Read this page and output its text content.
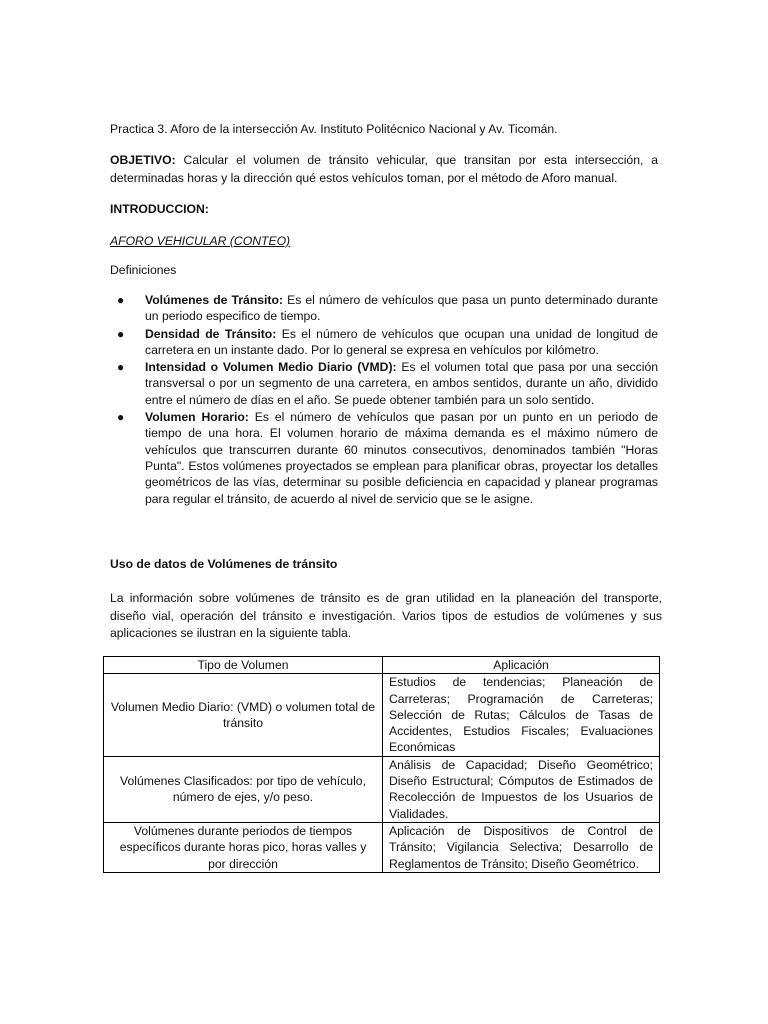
Practica 3. Aforo de la intersección Av. Instituto Politécnico Nacional y Av. Ticomán.

OBJETIVO: Calcular el volumen de tránsito vehicular, que transitan por esta intersección, a determinadas horas y la dirección qué estos vehículos toman, por el método de Aforo manual.

INTRODUCCION:

AFORO VEHICULAR (CONTEO)

Definiciones

● Volúmenes de Tránsito: Es el número de vehículos que pasa un punto determinado durante un periodo especifico de tiempo.
● Densidad de Tránsito: Es el número de vehículos que ocupan una unidad de longitud de carretera en un instante dado. Por lo general se expresa en vehículos por kilómetro.
● Intensidad o Volumen Medio Diario (VMD): Es el volumen total que pasa por una sección transversal o por un segmento de una carretera, en ambos sentidos, durante un año, dividido entre el número de días en el año. Se puede obtener también para un solo sentido.
● Volumen Horario: Es el número de vehículos que pasan por un punto en un periodo de tiempo de una hora. El volumen horario de máxima demanda es el máximo número de vehículos que transcurren durante 60 minutos consecutivos, denominados también "Horas Punta". Estos volúmenes proyectados se emplean para planificar obras, proyectar los detalles geométricos de las vías, determinar su posible deficiencia en capacidad y planear programas para regular el tránsito, de acuerdo al nivel de servicio que se le asigne.

Uso de datos de Volúmenes de tránsito

La información sobre volúmenes de tránsito es de gran utilidad en la planeación del transporte, diseño vial, operación del tránsito e investigación. Varios tipos de estudios de volúmenes y sus aplicaciones se ilustran en la siguiente tabla.

Tipo de Volumen	Aplicación
Volumen Medio Diario: (VMD) o volumen total de tránsito	Estudios de tendencias; Planeación de Carreteras; Programación de Carreteras; Selección de Rutas; Cálculos de Tasas de Accidentes, Estudios Fiscales; Evaluaciones Económicas
Volúmenes Clasificados: por tipo de vehículo, número de ejes, y/o peso.	Análisis de Capacidad; Diseño Geométrico; Diseño Estructural; Cómputos de Estimados de Recolección de Impuestos de los Usuarios de Vialidades.
Volúmenes durante periodos de tiempos específicos durante horas pico, horas valles y por dirección	Aplicación de Dispositivos de Control de Tránsito; Vigilancia Selectiva; Desarrollo de Reglamentos de Tránsito; Diseño Geométrico.
